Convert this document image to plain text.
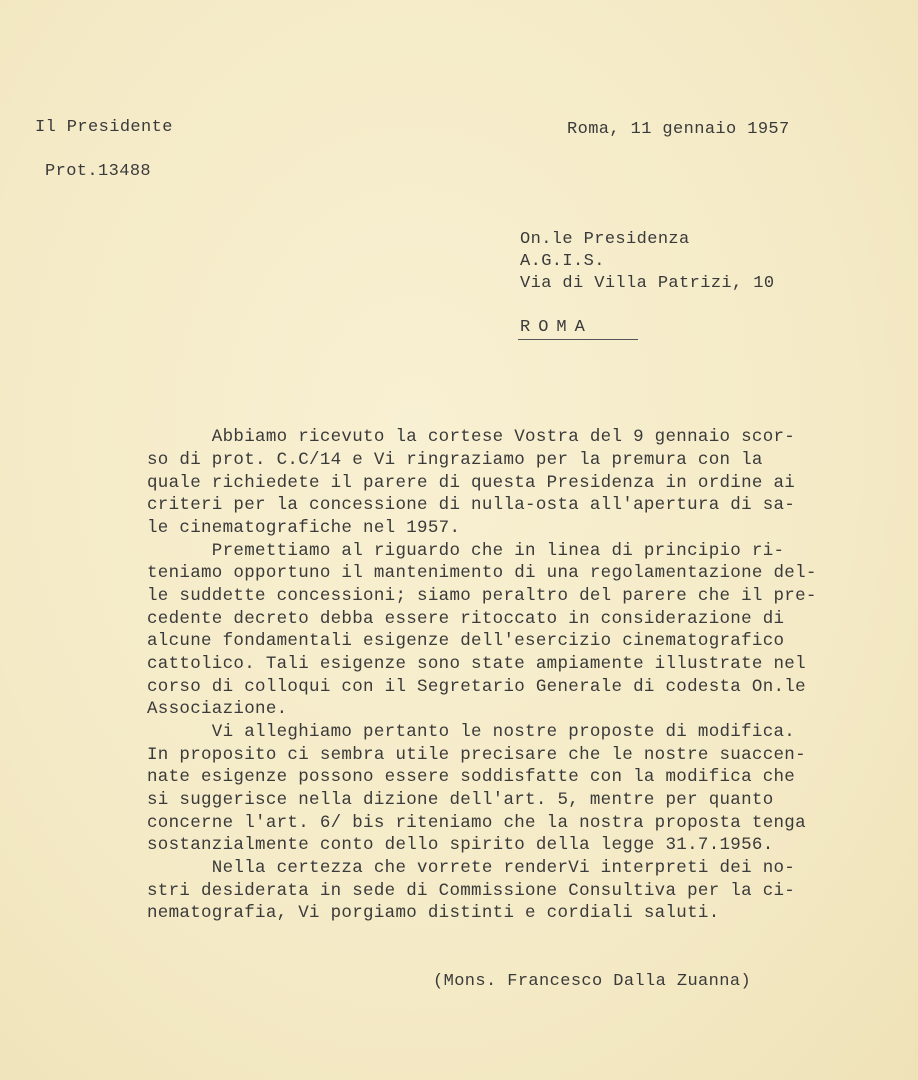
Il Presidente
Prot.13488
Roma, 11 gennaio 1957
On.le Presidenza
A.G.I.S.
Via di Villa Patrizi, 10
ROMA
Abbiamo ricevuto la cortese Vostra del 9 gennaio scor-
so di prot. C.C/14 e Vi ringraziamo per la premura con la
quale richiedete il parere di questa Presidenza in ordine ai
criteri per la concessione di nulla-osta all'apertura di sa-
le cinematografiche nel 1957.
Premettiamo al riguardo che in linea di principio ri-
teniamo opportuno il mantenimento di una regolamentazione del-
le suddette concessioni; siamo peraltro del parere che il pre-
cedente decreto debba essere ritoccato in considerazione di
alcune fondamentali esigenze dell'esercizio cinematografico
cattolico. Tali esigenze sono state ampiamente illustrate nel
corso di colloqui con il Segretario Generale di codesta On.le
Associazione.
Vi alleghiamo pertanto le nostre proposte di modifica.
In proposito ci sembra utile precisare che le nostre suaccen-
nate esigenze possono essere soddisfatte con la modifica che
si suggerisce nella dizione dell'art. 5, mentre per quanto
concerne l'art. 6/ bis riteniamo che la nostra proposta tenga
sostanzialmente conto dello spirito della legge 31.7.1956.
Nella certezza che vorrete renderVi interpreti dei no-
stri desiderata in sede di Commissione Consultiva per la ci-
nematografia, Vi porgiamo distinti e cordiali saluti.
(Mons. Francesco Dalla Zuanna)
